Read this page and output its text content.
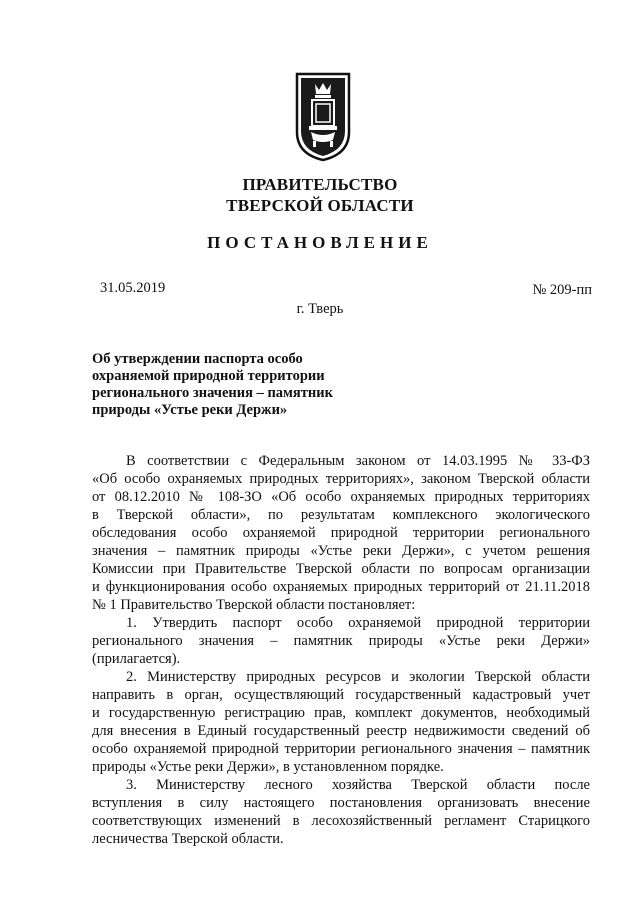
ПРАВИТЕЛЬСТВО
ТВЕРСКОЙ ОБЛАСТИ
ПОСТАНОВЛЕНИЕ
31.05.2019	№ 209-пп
г. Тверь
Об утверждении паспорта особо
охраняемой природной территории
регионального значения – памятник
природы «Устье реки Держи»
В соответствии с Федеральным законом от 14.03.1995 № 33-ФЗ
«Об особо охраняемых природных территориях», законом Тверской области
от 08.12.2010 № 108-ЗО «Об особо охраняемых природных территориях
в Тверской области», по результатам комплексного экологического
обследования особо охраняемой природной территории регионального
значения – памятник природы «Устье реки Держи», с учетом решения
Комиссии при Правительстве Тверской области по вопросам организации
и функционирования особо охраняемых природных территорий от 21.11.2018
№ 1 Правительство Тверской области постановляет:
1. Утвердить паспорт особо охраняемой природной территории
регионального значения – памятник природы «Устье реки Держи»
(прилагается).
2. Министерству природных ресурсов и экологии Тверской области
направить в орган, осуществляющий государственный кадастровый учет
и государственную регистрацию прав, комплект документов, необходимый
для внесения в Единый государственный реестр недвижимости сведений об
особо охраняемой природной территории регионального значения – памятник
природы «Устье реки Держи», в установленном порядке.
3. Министерству лесного хозяйства Тверской области после
вступления в силу настоящего постановления организовать внесение
соответствующих изменений в лесохозяйственный регламент Старицкого
лесничества Тверской области.
